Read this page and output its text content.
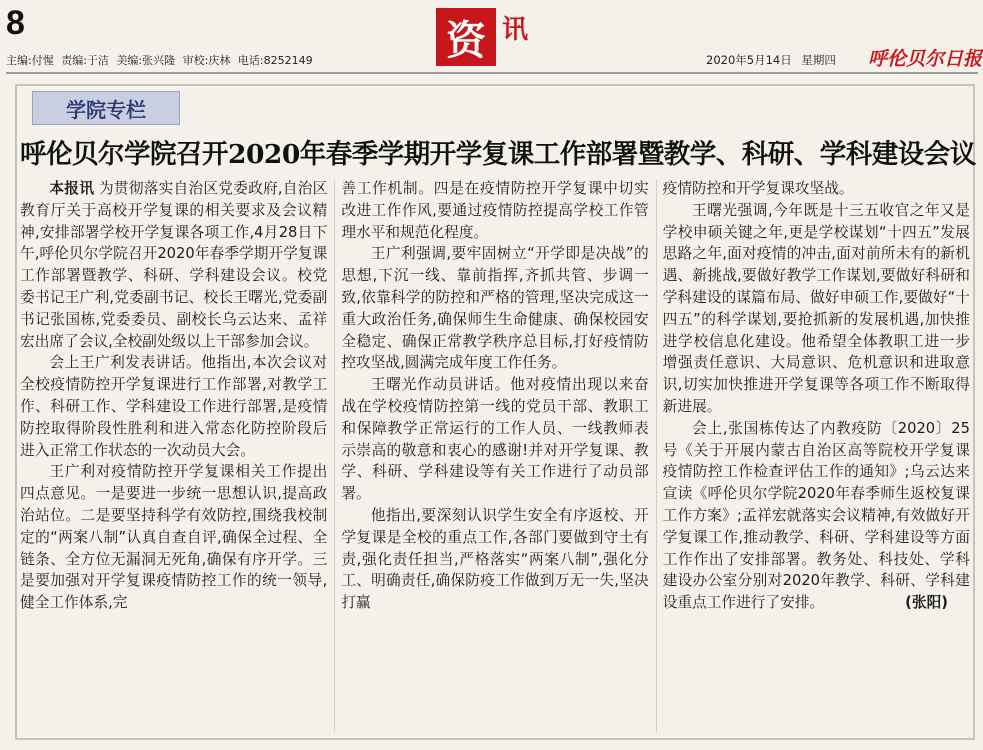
8
主编:付惺 责编:于洁 美编:张兴隆 审校:庆林 电话:8252149	资 讯
2020年5月14日 星期四	呼伦贝尔日报
学院专栏
呼伦贝尔学院召开2020年春季学期开学复课工作部署暨教学、科研、学科建设会议

本报讯 为贯彻落实自治区党委政府,自治区教育厅关于高校开学复课的相关要求及会议精神,安排部署学校开学复课各项工作,4月28日下午,呼伦贝尔学院召开2020年春季学期开学复课工作部署暨教学、科研、学科建设会议。校党委书记王广利,党委副书记、校长王曙光,党委副书记张国栋,党委委员、副校长乌云达来、孟祥宏出席了会议,全校副处级以上干部参加会议。

会上王广利发表讲话。他指出,本次会议对全校疫情防控开学复课进行工作部署,对教学工作、科研工作、学科建设工作进行部署,是疫情防控取得阶段性胜利和进入常态化防控阶段后进入正常工作状态的一次动员大会。

王广利对疫情防控开学复课相关工作提出四点意见。一是要进一步统一思想认识,提高政治站位。二是要坚持科学有效防控,围绕我校制定的“两案八制”认真自查自评,确保全过程、全链条、全方位无漏洞无死角,确保有序开学。三是要加强对开学复课疫情防控工作的统一领导,健全工作体系,完

善工作机制。四是在疫情防控开学复课中切实改进工作作风,要通过疫情防控提高学校工作管理水平和规范化程度。

王广利强调,要牢固树立“开学即是决战”的思想,下沉一线、靠前指挥,齐抓共管、步调一致,依靠科学的防控和严格的管理,坚决完成这一重大政治任务,确保师生生命健康、确保校园安全稳定、确保正常教学秩序总目标,打好疫情防控攻坚战,圆满完成年度工作任务。

王曙光作动员讲话。他对疫情出现以来奋战在学校疫情防控第一线的党员干部、教职工和保障教学正常运行的工作人员、一线教师表示崇高的敬意和衷心的感谢!并对开学复课、教学、科研、学科建设等有关工作进行了动员部署。

他指出,要深刻认识学生安全有序返校、开学复课是全校的重点工作,各部门要做到守土有责,强化责任担当,严格落实“两案八制”,强化分工、明确责任,确保防疫工作做到万无一失,坚决打赢

疫情防控和开学复课攻坚战。

王曙光强调,今年既是十三五收官之年又是学校申硕关键之年,更是学校谋划“十四五”发展思路之年,面对疫情的冲击,面对前所未有的新机遇、新挑战,要做好教学工作谋划,要做好科研和学科建设的谋篇布局、做好申硕工作,要做好“十四五”的科学谋划,要抢抓新的发展机遇,加快推进学校信息化建设。他希望全体教职工进一步增强责任意识、大局意识、危机意识和进取意识,切实加快推进开学复课等各项工作不断取得新进展。

会上,张国栋传达了内教疫防〔2020〕25号《关于开展内蒙古自治区高等院校开学复课疫情防控工作检查评估工作的通知》;乌云达来宣读《呼伦贝尔学院2020年春季师生返校复课工作方案》;孟祥宏就落实会议精神,有效做好开学复课工作,推动教学、科研、学科建设等方面工作作出了安排部署。教务处、科技处、学科建设办公室分别对2020年教学、科研、学科建设重点工作进行了安排。	(张阳)
